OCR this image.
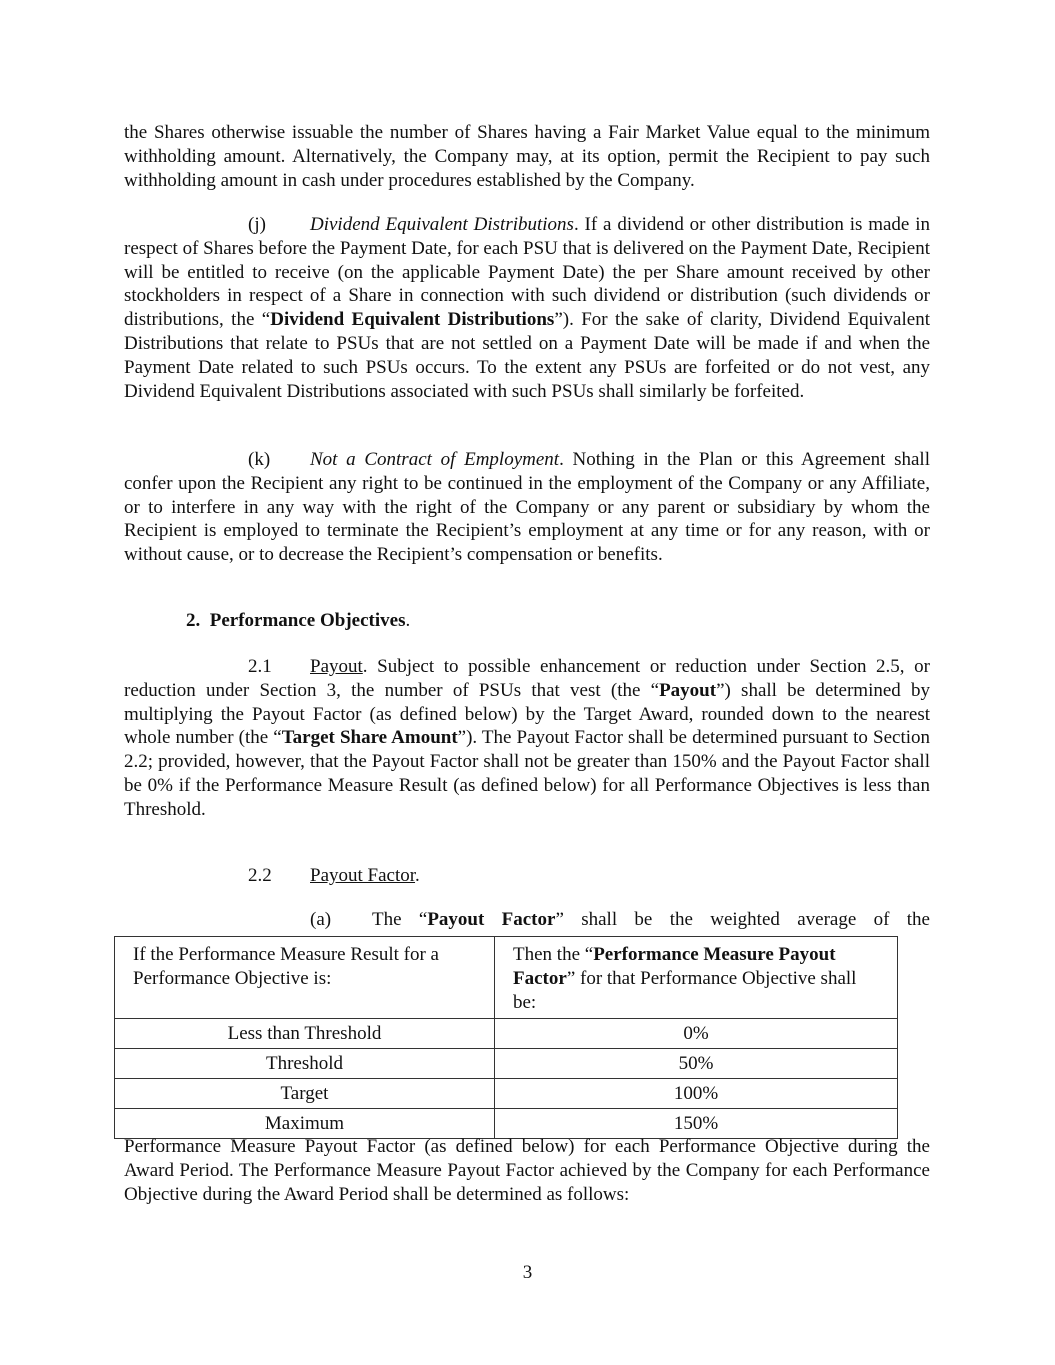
the Shares otherwise issuable the number of Shares having a Fair Market Value equal to the minimum withholding amount. Alternatively, the Company may, at its option, permit the Recipient to pay such withholding amount in cash under procedures established by the Company.
(j) Dividend Equivalent Distributions. If a dividend or other distribution is made in respect of Shares before the Payment Date, for each PSU that is delivered on the Payment Date, Recipient will be entitled to receive (on the applicable Payment Date) the per Share amount received by other stockholders in respect of a Share in connection with such dividend or distribution (such dividends or distributions, the “Dividend Equivalent Distributions”). For the sake of clarity, Dividend Equivalent Distributions that relate to PSUs that are not settled on a Payment Date will be made if and when the Payment Date related to such PSUs occurs. To the extent any PSUs are forfeited or do not vest, any Dividend Equivalent Distributions associated with such PSUs shall similarly be forfeited.
(k) Not a Contract of Employment. Nothing in the Plan or this Agreement shall confer upon the Recipient any right to be continued in the employment of the Company or any Affiliate, or to interfere in any way with the right of the Company or any parent or subsidiary by whom the Recipient is employed to terminate the Recipient’s employment at any time or for any reason, with or without cause, or to decrease the Recipient’s compensation or benefits.
2. Performance Objectives.
2.1 Payout. Subject to possible enhancement or reduction under Section 2.5, or reduction under Section 3, the number of PSUs that vest (the “Payout”) shall be determined by multiplying the Payout Factor (as defined below) by the Target Award, rounded down to the nearest whole number (the “Target Share Amount”). The Payout Factor shall be determined pursuant to Section 2.2; provided, however, that the Payout Factor shall not be greater than 150% and the Payout Factor shall be 0% if the Performance Measure Result (as defined below) for all Performance Objectives is less than Threshold.
2.2 Payout Factor.
(a) The “Payout Factor” shall be the weighted average of the
If the Performance Measure Result for a Performance Objective is:	Then the “Performance Measure Payout Factor” for that Performance Objective shall be:
Less than Threshold	0%
Threshold	50%
Target	100%
Maximum	150%
Performance Measure Payout Factor (as defined below) for each Performance Objective during the Award Period. The Performance Measure Payout Factor achieved by the Company for each Performance Objective during the Award Period shall be determined as follows:
3
